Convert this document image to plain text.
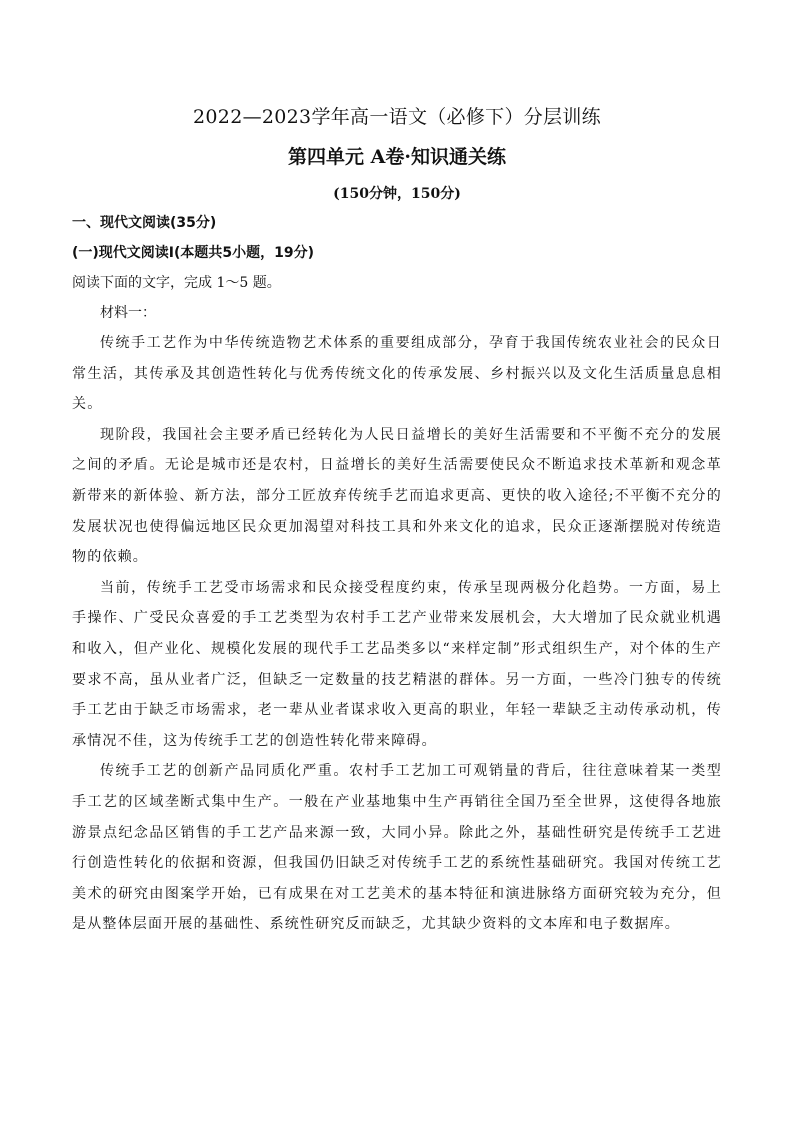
2022—2023学年高一语文（必修下）分层训练
第四单元 A卷·知识通关练
(150分钟，150分)
一、现代文阅读(35分)
(一)现代文阅读Ⅰ(本题共5小题，19分)
阅读下面的文字，完成 1～5 题。
材料一：

传统手工艺作为中华传统造物艺术体系的重要组成部分，孕育于我国传统农业社会的民众日常生活，其传承及其创造性转化与优秀传统文化的传承发展、乡村振兴以及文化生活质量息息相关。

现阶段，我国社会主要矛盾已经转化为人民日益增长的美好生活需要和不平衡不充分的发展之间的矛盾。无论是城市还是农村，日益增长的美好生活需要使民众不断追求技术革新和观念革新带来的新体验、新方法，部分工匠放弃传统手艺而追求更高、更快的收入途径;不平衡不充分的发展状况也使得偏远地区民众更加渴望对科技工具和外来文化的追求，民众正逐渐摆脱对传统造物的依赖。

当前，传统手工艺受市场需求和民众接受程度约束，传承呈现两极分化趋势。一方面，易上手操作、广受民众喜爱的手工艺类型为农村手工艺产业带来发展机会，大大增加了民众就业机遇和收入，但产业化、规模化发展的现代手工艺品类多以“来样定制”形式组织生产，对个体的生产要求不高，虽从业者广泛，但缺乏一定数量的技艺精湛的群体。另一方面，一些冷门独专的传统手工艺由于缺乏市场需求，老一辈从业者谋求收入更高的职业，年轻一辈缺乏主动传承动机，传承情况不佳，这为传统手工艺的创造性转化带来障碍。

传统手工艺的创新产品同质化严重。农村手工艺加工可观销量的背后，往往意味着某一类型手工艺的区域垄断式集中生产。一般在产业基地集中生产再销往全国乃至全世界，这使得各地旅游景点纪念品区销售的手工艺产品来源一致，大同小异。除此之外，基础性研究是传统手工艺进行创造性转化的依据和资源，但我国仍旧缺乏对传统手工艺的系统性基础研究。我国对传统工艺美术的研究由图案学开始，已有成果在对工艺美术的基本特征和演进脉络方面研究较为充分，但是从整体层面开展的基础性、系统性研究反而缺乏，尤其缺少资料的文本库和电子数据库。
